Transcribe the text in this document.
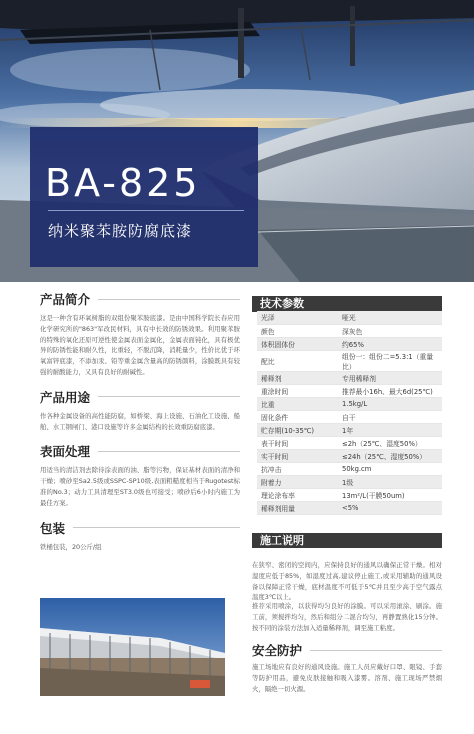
BA-825
纳米聚苯胺防腐底漆
产品简介

这是一种含有环氧树脂的双组份聚苯胺底漆。是由中国科学院长春应用化学研究所的"863"军改民材料，具有中长效的防锈效果。利用聚苯胺的特殊的氧化还原可逆性使金属表面金属化，金属表面钝化，具有极优异的防锈性能和耐久性，比重轻，不脱沉降，消耗量少，性价比优于环氧富锌底漆，不添加汞、铅等重金属含量高的防锈颜料，涂膜既具有较强的耐酸能力，又具有良好的耐碱性。

产品用途

作各种金属设备的高性能防腐，如桥梁、海上设施、石油化工设施、船舶、水工钢闸门、港口设施等许多金属结构的长效重防腐底漆。

表面处理

用适当的清洁剂去除待涂表面的油、脂等污物，保证基材表面的清净和干燥；喷砂至Sa2.5级或SSPC-SP10级,表面粗糙度相当于Rugotest标准的No.3；动力工具清理至ST3.0级也可接受；喷砂后6小时内施工为最佳方案。

包装

铁桶包装，20公斤/组

技术参数
光泽	哑光
颜色	深灰色
体积固体份	约65%
配比	组份一：组份二=5.3:1（重量比）
稀释剂	专用稀释剂
重涂时间	推荐最小16h、最大6d(25℃)
比重	1.5kg/L
固化条件	自干
贮存期(10-35℃)	1年
表干时间	≤2h（25℃、湿度50%）
实干时间	≤24h（25℃、湿度50%）
抗冲击	50kg.cm
附着力	1级
理论涂布率	13m²/L(干膜50um)
稀释剂用量	<5%
施工说明

在狭窄、密闭的空间内，应保持良好的通风以确保正常干燥。相对湿度应低于85%，如湿度过高,建议停止施工,或采用辅助的通风设备以保障正常干燥，底材温度不可低于5℃并且至少高于空气露点温度3℃以上。

推荐采用喷涂，以获得均匀良好的涂膜。可以采用滚涂、刷涂。施工前，须搅拌均匀，然后和组分二混合均匀，再静置熟化15分钟。按不同的涂装方法加入适量稀释剂，调至施工粘度。

安全防护

施工场地应有良好的通风设施。施工人员应戴好口罩、眼镜、手套等防护用品，避免皮肤接触和吸入漆雾。溶剂、施工现场严禁烟火，隔绝一切火源。
